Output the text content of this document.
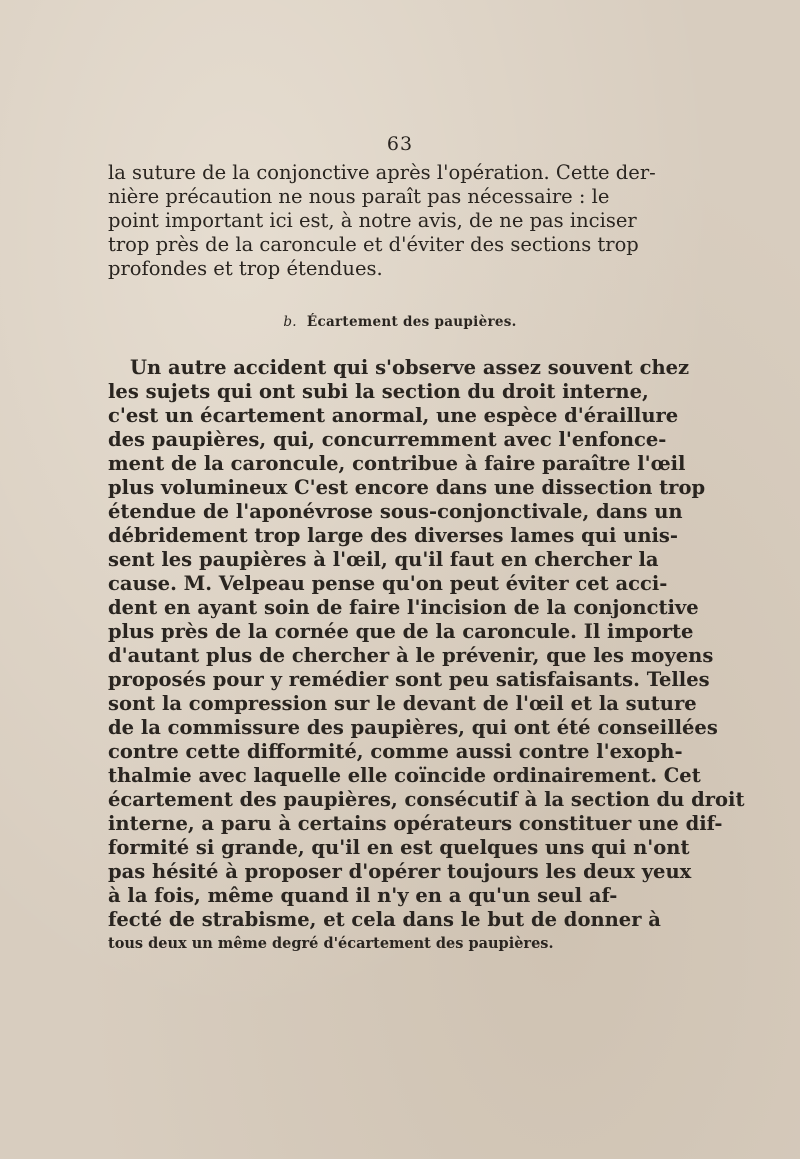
63
la suture de la conjonctive après l'opération. Cette der-
nière précaution ne nous paraît pas nécessaire : le
point important ici est, à notre avis, de ne pas inciser
trop près de la caroncule et d'éviter des sections trop
profondes et trop étendues.
b. Écartement des paupières.
Un autre accident qui s'observe assez souvent chez
les sujets qui ont subi la section du droit interne,
c'est un écartement anormal, une espèce d'éraillure
des paupières, qui, concurremment avec l'enfonce-
ment de la caroncule, contribue à faire paraître l'œil
plus volumineux C'est encore dans une dissection trop
étendue de l'aponévrose sous-conjonctivale, dans un
débridement trop large des diverses lames qui unis-
sent les paupières à l'œil, qu'il faut en chercher la
cause. M. Velpeau pense qu'on peut éviter cet acci-
dent en ayant soin de faire l'incision de la conjonctive
plus près de la cornée que de la caroncule. Il importe
d'autant plus de chercher à le prévenir, que les moyens
proposés pour y remédier sont peu satisfaisants. Telles
sont la compression sur le devant de l'œil et la suture
de la commissure des paupières, qui ont été conseillées
contre cette difformité, comme aussi contre l'exoph-
thalmie avec laquelle elle coïncide ordinairement. Cet
écartement des paupières, consécutif à la section du droit
interne, a paru à certains opérateurs constituer une dif-
formité si grande, qu'il en est quelques uns qui n'ont
pas hésité à proposer d'opérer toujours les deux yeux
à la fois, même quand il n'y en a qu'un seul af-
fecté de strabisme, et cela dans le but de donner à
tous deux un même degré d'écartement des paupières.
